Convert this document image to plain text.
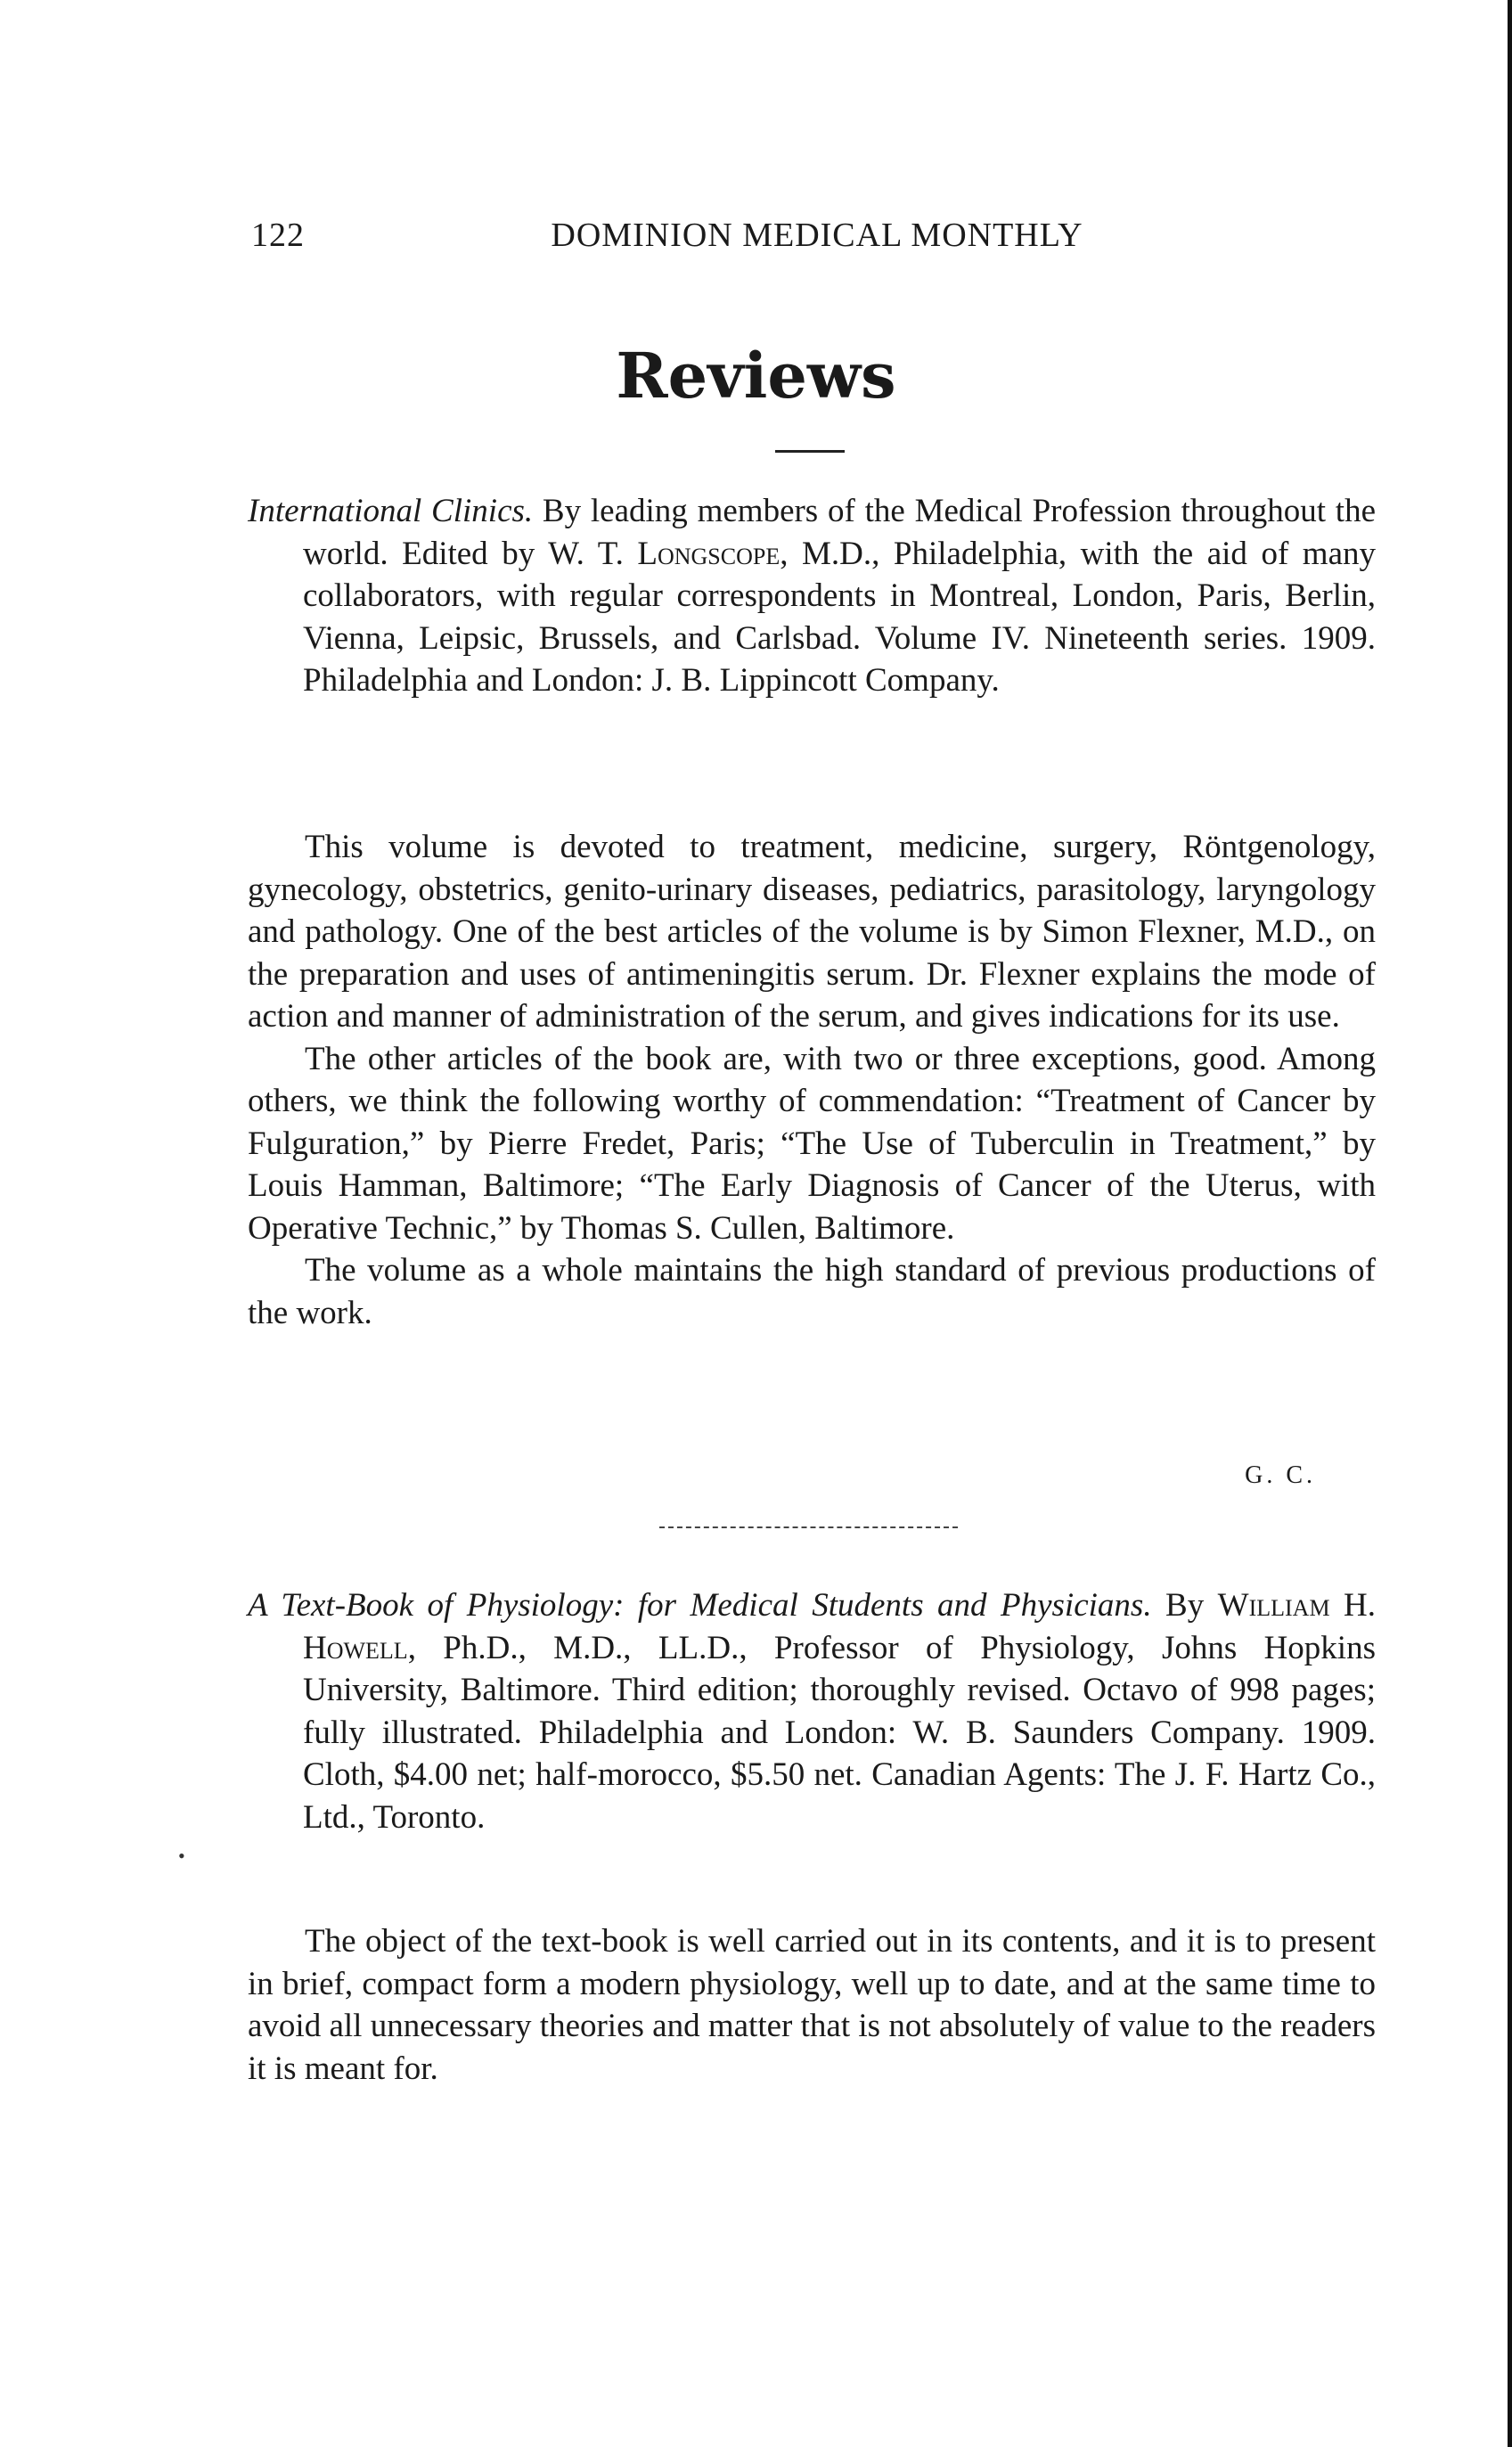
122	DOMINION MEDICAL MONTHLY
Reviews
International Clinics. By leading members of the Medical Profession throughout the world. Edited by W. T. Longscope, M.D., Philadelphia, with the aid of many collaborators, with regular correspondents in Montreal, London, Paris, Berlin, Vienna, Leipsic, Brussels, and Carlsbad. Volume IV. Nineteenth series. 1909. Philadelphia and London: J. B. Lippincott Company.

This volume is devoted to treatment, medicine, surgery, Röntgenology, gynecology, obstetrics, genito-urinary diseases, pediatrics, parasitology, laryngology and pathology. One of the best articles of the volume is by Simon Flexner, M.D., on the preparation and uses of antimeningitis serum. Dr. Flexner explains the mode of action and manner of administration of the serum, and gives indications for its use.

The other articles of the book are, with two or three exceptions, good. Among others, we think the following worthy of commendation: “Treatment of Cancer by Fulguration,” by Pierre Fredet, Paris; “The Use of Tuberculin in Treatment,” by Louis Hamman, Baltimore; “The Early Diagnosis of Cancer of the Uterus, with Operative Technic,” by Thomas S. Cullen, Baltimore.

The volume as a whole maintains the high standard of previous productions of the work.

G. C.
A Text-Book of Physiology: for Medical Students and Physicians. By William H. Howell, Ph.D., M.D., LL.D., Professor of Physiology, Johns Hopkins University, Baltimore. Third edition; thoroughly revised. Octavo of 998 pages; fully illustrated. Philadelphia and London: W. B. Saunders Company. 1909. Cloth, $4.00 net; half-morocco, $5.50 net. Canadian Agents: The J. F. Hartz Co., Ltd., Toronto.

The object of the text-book is well carried out in its contents, and it is to present in brief, compact form a modern physiology, well up to date, and at the same time to avoid all unnecessary theories and matter that is not absolutely of value to the readers it is meant for.

•
